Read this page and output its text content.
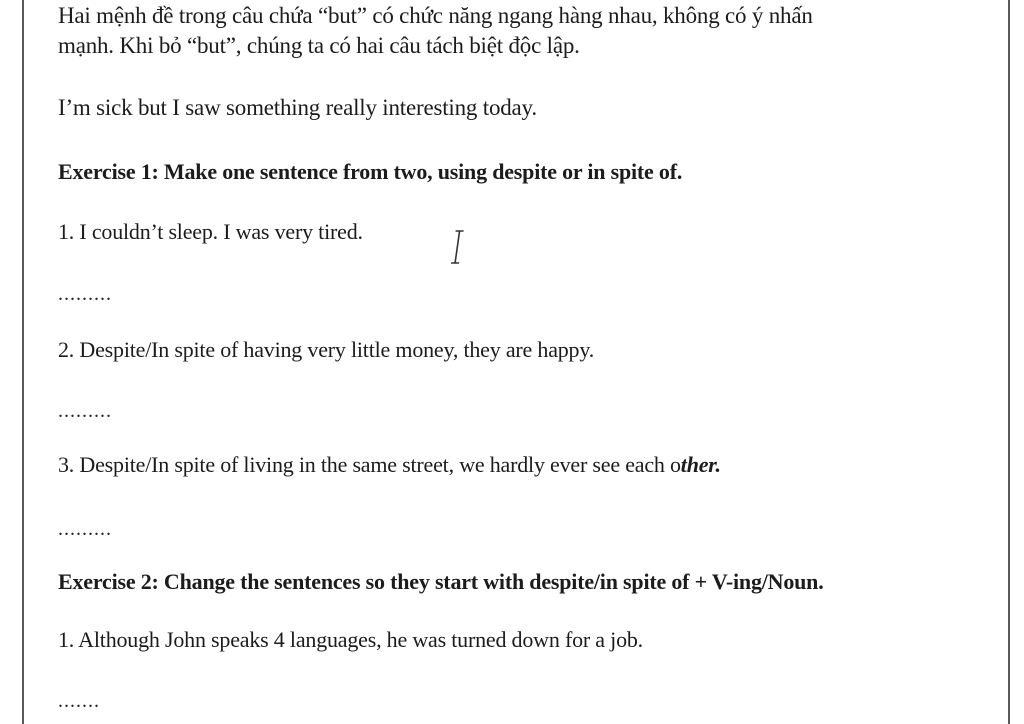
Hai mệnh đề trong câu chứa “but” có chức năng ngang hàng nhau, không có ý nhấn
mạnh. Khi bỏ “but”, chúng ta có hai câu tách biệt độc lập.
I’m sick but I saw something really interesting today.
Exercise 1: Make one sentence from two, using despite or in spite of.
1. I couldn’t sleep. I was very tired.
.........
2. Despite/In spite of having very little money, they are happy.
.........
3. Despite/In spite of living in the same street, we hardly ever see each other.
.........
Exercise 2: Change the sentences so they start with despite/in spite of + V-ing/Noun.
1. Although John speaks 4 languages, he was turned down for a job.
.......
